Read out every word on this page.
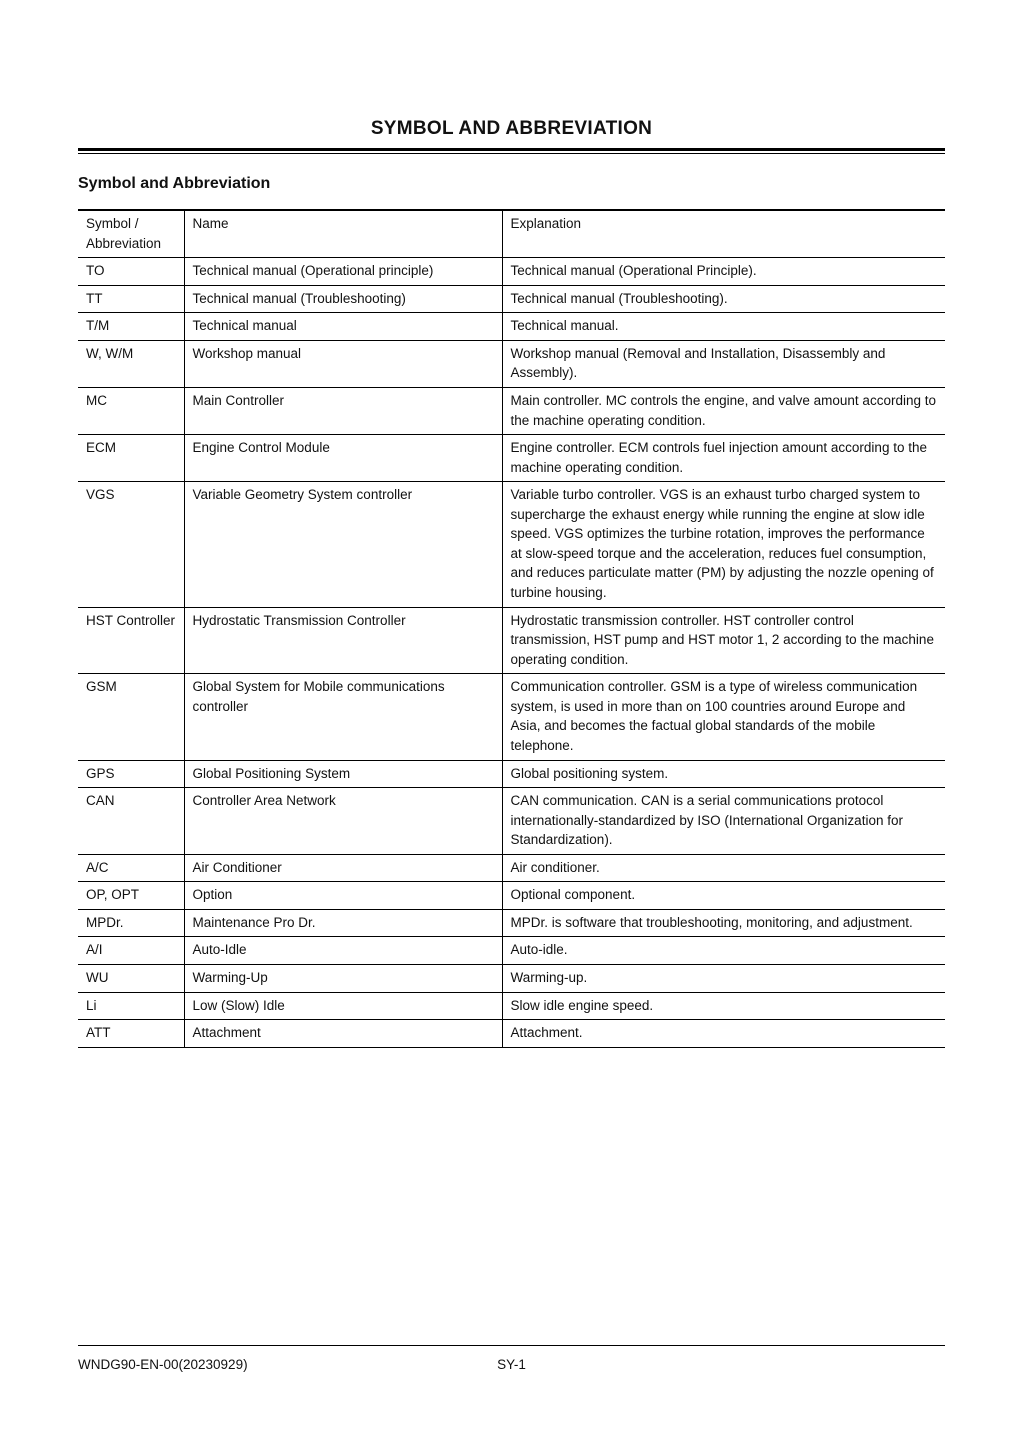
SYMBOL AND ABBREVIATION
Symbol and Abbreviation
Symbol / Abbreviation	Name	Explanation
TO	Technical manual (Operational principle)	Technical manual (Operational Principle).
TT	Technical manual (Troubleshooting)	Technical manual (Troubleshooting).
T/M	Technical manual	Technical manual.
W, W/M	Workshop manual	Workshop manual (Removal and Installation, Disassembly and Assembly).
MC	Main Controller	Main controller. MC controls the engine, and valve amount according to the machine operating condition.
ECM	Engine Control Module	Engine controller. ECM controls fuel injection amount according to the machine operating condition.
VGS	Variable Geometry System controller	Variable turbo controller. VGS is an exhaust turbo charged system to supercharge the exhaust energy while running the engine at slow idle speed. VGS optimizes the turbine rotation, improves the performance at slow-speed torque and the acceleration, reduces fuel consumption, and reduces particulate matter (PM) by adjusting the nozzle opening of turbine housing.
HST Controller	Hydrostatic Transmission Controller	Hydrostatic transmission controller. HST controller control transmission, HST pump and HST motor 1, 2 according to the machine operating condition.
GSM	Global System for Mobile communications controller	Communication controller. GSM is a type of wireless communication system, is used in more than on 100 countries around Europe and Asia, and becomes the factual global standards of the mobile telephone.
GPS	Global Positioning System	Global positioning system.
CAN	Controller Area Network	CAN communication. CAN is a serial communications protocol internationally-standardized by ISO (International Organization for Standardization).
A/C	Air Conditioner	Air conditioner.
OP, OPT	Option	Optional component.
MPDr.	Maintenance Pro Dr.	MPDr. is software that troubleshooting, monitoring, and adjustment.
A/I	Auto-Idle	Auto-idle.
WU	Warming-Up	Warming-up.
Li	Low (Slow) Idle	Slow idle engine speed.
ATT	Attachment	Attachment.
WNDG90-EN-00(20230929)	SY-1
